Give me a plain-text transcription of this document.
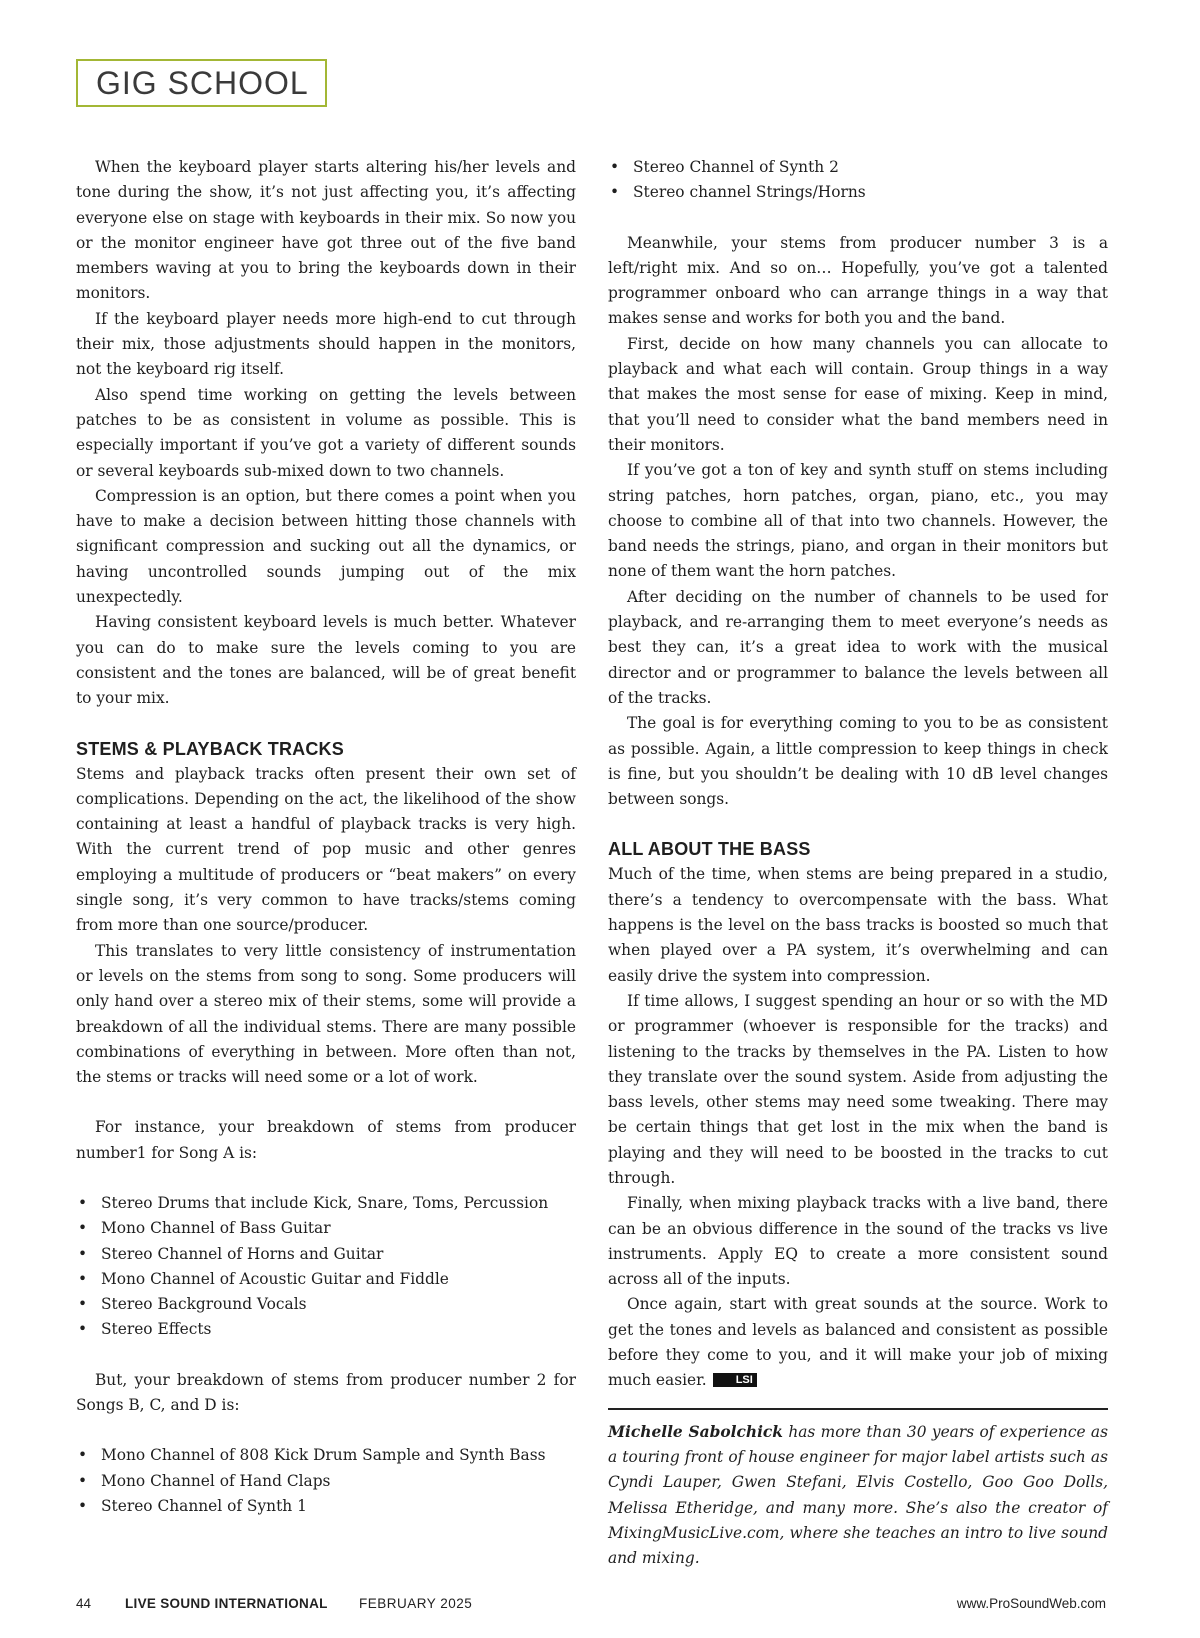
GIG SCHOOL

When the keyboard player starts altering his/her levels and tone during the show, it’s not just affecting you, it’s affecting everyone else on stage with keyboards in their mix. So now you or the monitor engineer have got three out of the five band members waving at you to bring the keyboards down in their monitors.

If the keyboard player needs more high-end to cut through their mix, those adjustments should happen in the monitors, not the keyboard rig itself.

Also spend time working on getting the levels between patches to be as consistent in volume as possible. This is especially important if you’ve got a variety of different sounds or several keyboards sub-mixed down to two channels.

Compression is an option, but there comes a point when you have to make a decision between hitting those channels with significant compression and sucking out all the dynamics, or having uncontrolled sounds jumping out of the mix unexpectedly.

Having consistent keyboard levels is much better. Whatever you can do to make sure the levels coming to you are consistent and the tones are balanced, will be of great benefit to your mix.

STEMS & PLAYBACK TRACKS

Stems and playback tracks often present their own set of complications. Depending on the act, the likelihood of the show containing at least a handful of playback tracks is very high. With the current trend of pop music and other genres employing a multitude of producers or “beat makers” on every single song, it’s very common to have tracks/stems coming from more than one source/producer.

This translates to very little consistency of instrumentation or levels on the stems from song to song. Some producers will only hand over a stereo mix of their stems, some will provide a breakdown of all the individual stems. There are many possible combinations of everything in between. More often than not, the stems or tracks will need some or a lot of work.

For instance, your breakdown of stems from producer number1 for Song A is:

• Stereo Drums that include Kick, Snare, Toms, Percussion
• Mono Channel of Bass Guitar
• Stereo Channel of Horns and Guitar
• Mono Channel of Acoustic Guitar and Fiddle
• Stereo Background Vocals
• Stereo Effects

But, your breakdown of stems from producer number 2 for Songs B, C, and D is:

• Mono Channel of 808 Kick Drum Sample and Synth Bass
• Mono Channel of Hand Claps
• Stereo Channel of Synth 1
• Stereo Channel of Synth 2
• Stereo channel Strings/Horns

Meanwhile, your stems from producer number 3 is a left/right mix. And so on… Hopefully, you’ve got a talented programmer onboard who can arrange things in a way that makes sense and works for both you and the band.

First, decide on how many channels you can allocate to playback and what each will contain. Group things in a way that makes the most sense for ease of mixing. Keep in mind, that you’ll need to consider what the band members need in their monitors.

If you’ve got a ton of key and synth stuff on stems including string patches, horn patches, organ, piano, etc., you may choose to combine all of that into two channels. However, the band needs the strings, piano, and organ in their monitors but none of them want the horn patches.

After deciding on the number of channels to be used for playback, and re-arranging them to meet everyone’s needs as best they can, it’s a great idea to work with the musical director and or programmer to balance the levels between all of the tracks.

The goal is for everything coming to you to be as consistent as possible. Again, a little compression to keep things in check is fine, but you shouldn’t be dealing with 10 dB level changes between songs.

ALL ABOUT THE BASS

Much of the time, when stems are being prepared in a studio, there’s a tendency to overcompensate with the bass. What happens is the level on the bass tracks is boosted so much that when played over a PA system, it’s overwhelming and can easily drive the system into compression.

If time allows, I suggest spending an hour or so with the MD or programmer (whoever is responsible for the tracks) and listening to the tracks by themselves in the PA. Listen to how they translate over the sound system. Aside from adjusting the bass levels, other stems may need some tweaking. There may be certain things that get lost in the mix when the band is playing and they will need to be boosted in the tracks to cut through.

Finally, when mixing playback tracks with a live band, there can be an obvious difference in the sound of the tracks vs live instruments. Apply EQ to create a more consistent sound across all of the inputs.

Once again, start with great sounds at the source. Work to get the tones and levels as balanced and consistent as possible before they come to you, and it will make your job of mixing much easier.	LSI

Michelle Sabolchick has more than 30 years of experience as a touring front of house engineer for major label artists such as Cyndi Lauper, Gwen Stefani, Elvis Costello, Goo Goo Dolls, Melissa Etheridge, and many more. She’s also the creator of MixingMusicLive.com, where she teaches an intro to live sound and mixing.

44	LIVE SOUND INTERNATIONAL FEBRUARY 2025	www.ProSoundWeb.com
